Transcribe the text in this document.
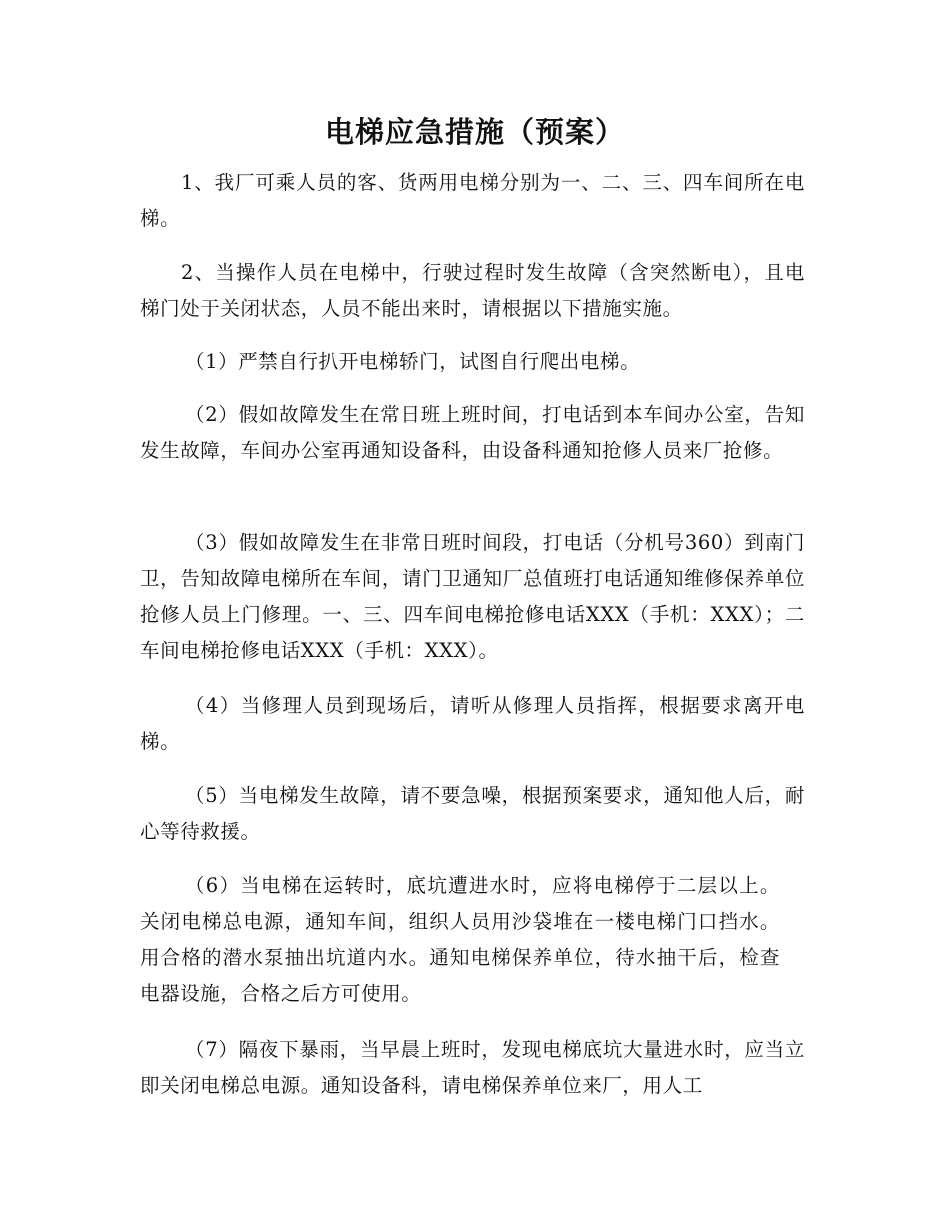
电梯应急措施（预案）

1、我厂可乘人员的客、货两用电梯分别为一、二、三、四车间所在电梯。

2、当操作人员在电梯中，行驶过程时发生故障（含突然断电），且电梯门处于关闭状态，人员不能出来时，请根据以下措施实施。

（1）严禁自行扒开电梯轿门，试图自行爬出电梯。

（2）假如故障发生在常日班上班时间，打电话到本车间办公室，告知发生故障，车间办公室再通知设备科，由设备科通知抢修人员来厂抢修。

（3）假如故障发生在非常日班时间段，打电话（分机号360）到南门卫，告知故障电梯所在车间，请门卫通知厂总值班打电话通知维修保养单位抢修人员上门修理。一、三、四车间电梯抢修电话XXX（手机：XXX）；二车间电梯抢修电话XXX（手机：XXX）。

（4）当修理人员到现场后，请听从修理人员指挥，根据要求离开电梯。

（5）当电梯发生故障，请不要急噪，根据预案要求，通知他人后，耐心等待救援。

（6）当电梯在运转时，底坑遭进水时，应将电梯停于二层以上。关闭电梯总电源，通知车间，组织人员用沙袋堆在一楼电梯门口挡水。用合格的潜水泵抽出坑道内水。通知电梯保养单位，待水抽干后，检查电器设施，合格之后方可使用。

（7）隔夜下暴雨，当早晨上班时，发现电梯底坑大量进水时，应当立即关闭电梯总电源。通知设备科，请电梯保养单位来厂，用人工
